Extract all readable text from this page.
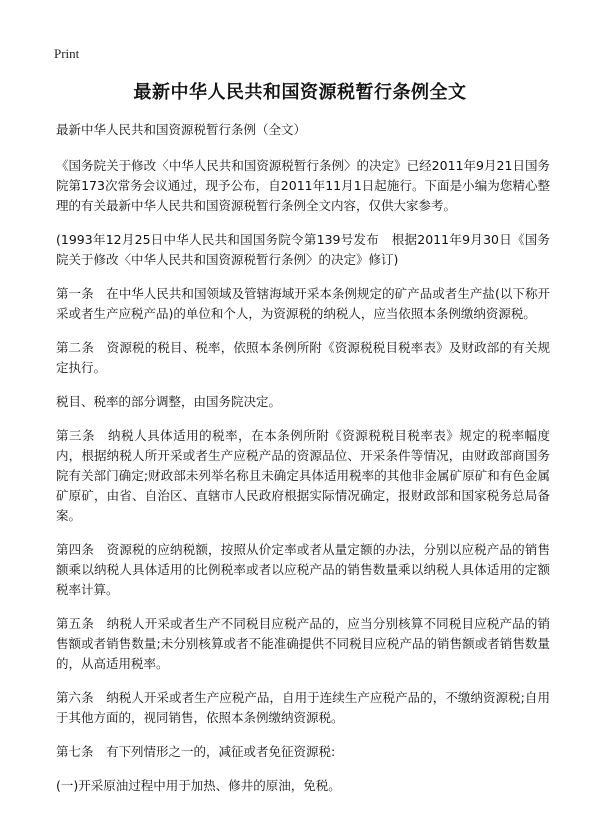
Print
最新中华人民共和国资源税暂行条例全文

最新中华人民共和国资源税暂行条例（全文）

《国务院关于修改〈中华人民共和国资源税暂行条例〉的决定》已经2011年9月21日国务院第173次常务会议通过，现予公布，自2011年11月1日起施行。下面是小编为您精心整理的有关最新中华人民共和国资源税暂行条例全文内容，仅供大家参考。

(1993年12月25日中华人民共和国国务院令第139号发布　根据2011年9月30日《国务院关于修改〈中华人民共和国资源税暂行条例〉的决定》修订)

第一条　在中华人民共和国领域及管辖海域开采本条例规定的矿产品或者生产盐(以下称开采或者生产应税产品)的单位和个人，为资源税的纳税人，应当依照本条例缴纳资源税。

第二条　资源税的税目、税率，依照本条例所附《资源税税目税率表》及财政部的有关规定执行。

税目、税率的部分调整，由国务院决定。

第三条　纳税人具体适用的税率，在本条例所附《资源税税目税率表》规定的税率幅度内，根据纳税人所开采或者生产应税产品的资源品位、开采条件等情况，由财政部商国务院有关部门确定;财政部未列举名称且未确定具体适用税率的其他非金属矿原矿和有色金属矿原矿，由省、自治区、直辖市人民政府根据实际情况确定，报财政部和国家税务总局备案。

第四条　资源税的应纳税额，按照从价定率或者从量定额的办法，分别以应税产品的销售额乘以纳税人具体适用的比例税率或者以应税产品的销售数量乘以纳税人具体适用的定额税率计算。

第五条　纳税人开采或者生产不同税目应税产品的，应当分别核算不同税目应税产品的销售额或者销售数量;未分别核算或者不能准确提供不同税目应税产品的销售额或者销售数量的，从高适用税率。

第六条　纳税人开采或者生产应税产品，自用于连续生产应税产品的，不缴纳资源税;自用于其他方面的，视同销售，依照本条例缴纳资源税。

第七条　有下列情形之一的，减征或者免征资源税:

(一)开采原油过程中用于加热、修井的原油，免税。
